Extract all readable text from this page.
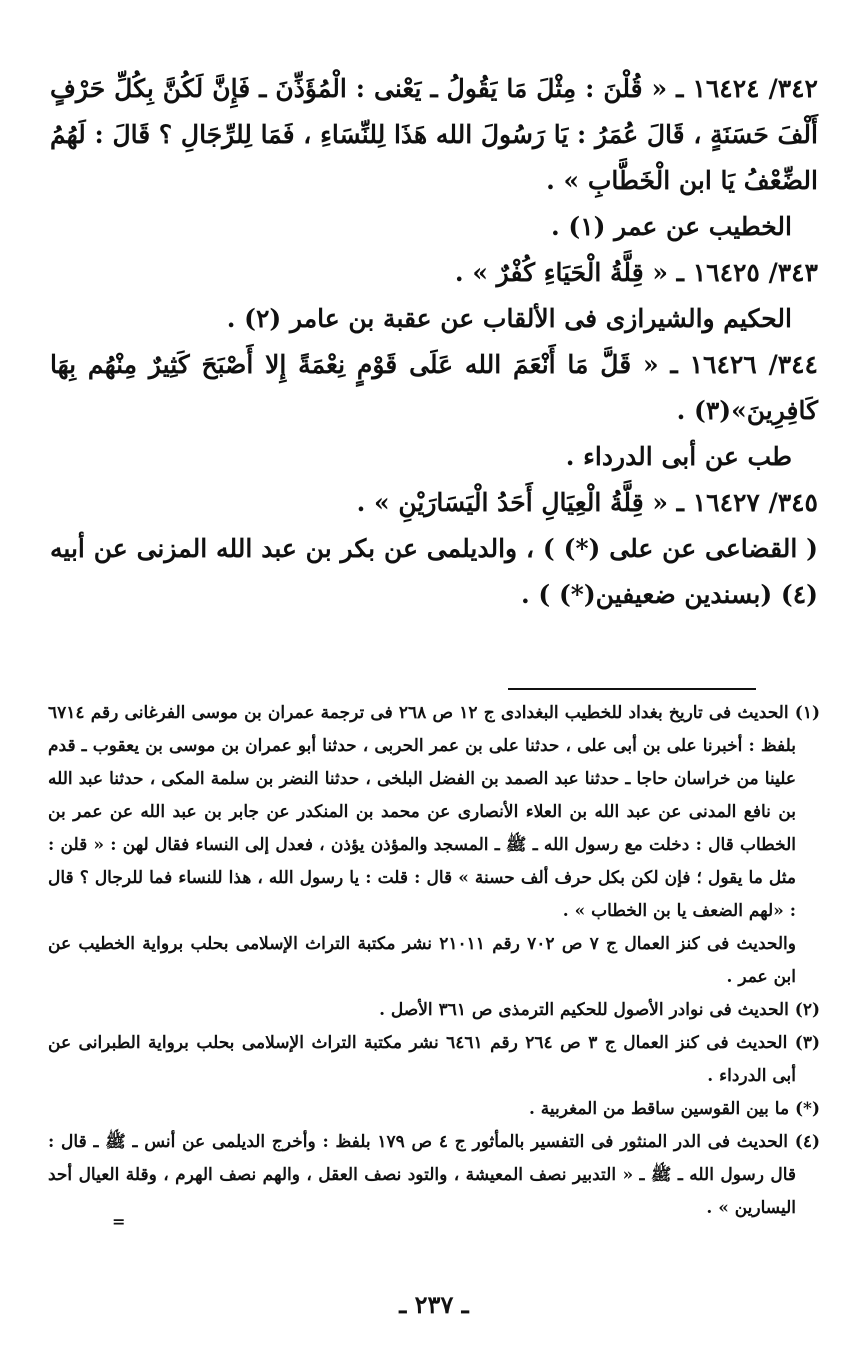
٣٤٢/ ١٦٤٢٤ ـ « قُلْنَ : مِثْلَ مَا يَقُولُ ـ يَعْنى : الْمُؤَذِّنَ ـ فَإِنَّ لَكُنَّ بِكُلِّ حَرْفٍ أَلْفَ حَسَنَةٍ ، قَالَ عُمَرُ : يَا رَسُولَ الله هَذَا لِلنِّسَاءِ ، فَمَا لِلرِّجَالِ ؟ قَالَ : لَهُمُ الضِّعْفُ يَا ابن الْخَطَّابِ » .

الخطيب عن عمر (١) .

٣٤٣/ ١٦٤٢٥ ـ « قِلَّةُ الْحَيَاءِ كُفْرٌ » .

الحكيم والشيرازى فى الألقاب عن عقبة بن عامر (٢) .

٣٤٤/ ١٦٤٢٦ ـ « قَلَّ مَا أَنْعَمَ الله عَلَى قَوْمٍ نِعْمَةً إِلا أَصْبَحَ كَثِيرٌ مِنْهُم بِهَا كَافِرِينَ»(٣) .

طب عن أبى الدرداء .

٣٤٥/ ١٦٤٢٧ ـ « قِلَّةُ الْعِيَالِ أَحَدُ الْيَسَارَيْنِ » .

( القضاعى عن على (*) ) ، والديلمى عن بكر بن عبد الله المزنى عن أبيه (٤) (بسندين ضعيفين(*) ) .

(١) الحديث فى تاريخ بغداد للخطيب البغدادى ج ١٢ ص ٢٦٨ فى ترجمة عمران بن موسى الفرغانى رقم ٦٧١٤ بلفظ : أخبرنا على بن أبى على ، حدثنا على بن عمر الحربى ، حدثنا أبو عمران بن موسى بن يعقوب ـ قدم علينا من خراسان حاجا ـ حدثنا عبد الصمد بن الفضل البلخى ، حدثنا النضر بن سلمة المكى ، حدثنا عبد الله بن نافع المدنى عن عبد الله بن العلاء الأنصارى عن محمد بن المنكدر عن جابر بن عبد الله عن عمر بن الخطاب قال : دخلت مع رسول الله ـ ﷺ ـ المسجد والمؤذن يؤذن ، فعدل إلى النساء فقال لهن : « قلن : مثل ما يقول ؛ فإن لكن بكل حرف ألف حسنة » قال : قلت : يا رسول الله ، هذا للنساء فما للرجال ؟ قال : «لهم الضعف يا بن الخطاب » .

والحديث فى كنز العمال ج ٧ ص ٧٠٢ رقم ٢١٠١١ نشر مكتبة التراث الإسلامى بحلب برواية الخطيب عن ابن عمر .

(٢) الحديث فى نوادر الأصول للحكيم الترمذى ص ٣٦١ الأصل .

(٣) الحديث فى كنز العمال ج ٣ ص ٢٦٤ رقم ٦٤٦١ نشر مكتبة التراث الإسلامى بحلب برواية الطبرانى عن أبى الدرداء .

(*) ما بين القوسين ساقط من المغربية .

(٤) الحديث فى الدر المنثور فى التفسير بالمأثور ج ٤ ص ١٧٩ بلفظ : وأخرج الديلمى عن أنس ـ ﷺ ـ قال : قال رسول الله ـ ﷺ ـ « التدبير نصف المعيشة ، والتود نصف العقل ، والهم نصف الهرم ، وقلة العيال أحد اليسارين » .

=
ـ ٢٣٧ ـ
